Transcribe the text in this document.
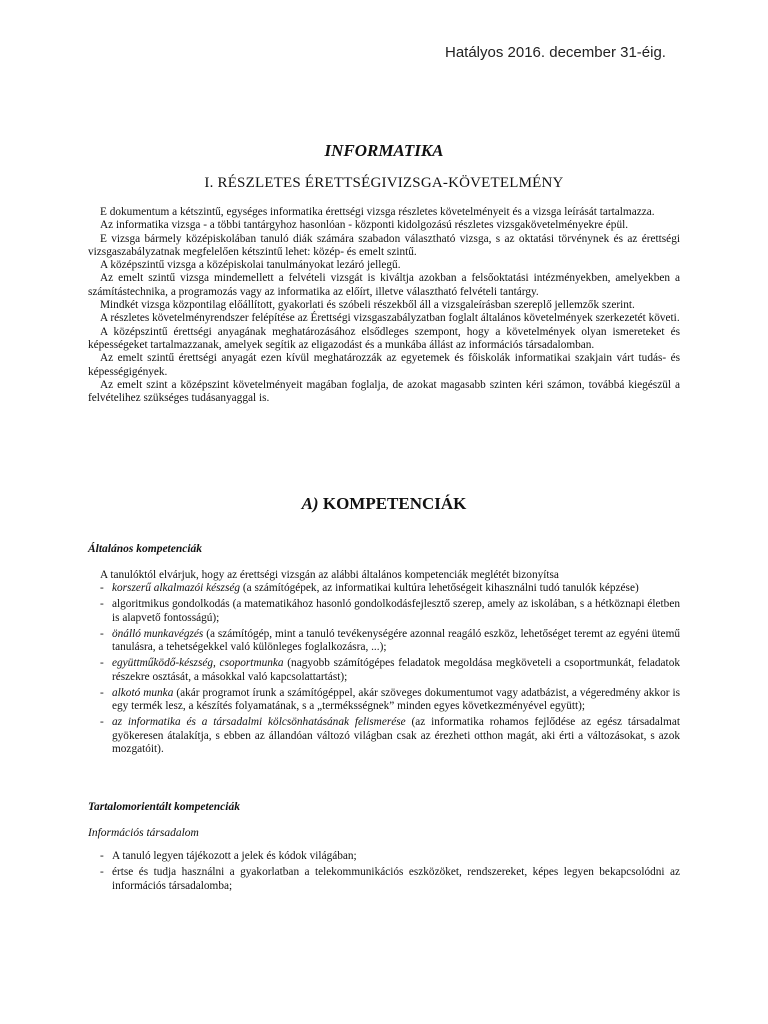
Hatályos 2016. december 31-éig.
INFORMATIKA
I. RÉSZLETES ÉRETTSÉGIVIZSGA-KÖVETELMÉNY

E dokumentum a kétszintű, egységes informatika érettségi vizsga részletes követelményeit és a vizsga leírását tartalmazza.

Az informatika vizsga - a többi tantárgyhoz hasonlóan - központi kidolgozású részletes vizsgakövetelményekre épül.

E vizsga bármely középiskolában tanuló diák számára szabadon választható vizsga, s az oktatási törvénynek és az érettségi vizsgaszabályzatnak megfelelően kétszintű lehet: közép- és emelt szintű.

A középszintű vizsga a középiskolai tanulmányokat lezáró jellegű.

Az emelt szintű vizsga mindemellett a felvételi vizsgát is kiváltja azokban a felsőoktatási intézményekben, amelyekben a számítástechnika, a programozás vagy az informatika az előírt, illetve választható felvételi tantárgy.

Mindkét vizsga központilag előállított, gyakorlati és szóbeli részekből áll a vizsgaleírásban szereplő jellemzők szerint.

A részletes követelményrendszer felépítése az Érettségi vizsgaszabályzatban foglalt általános követelmények szerkezetét követi.

A középszintű érettségi anyagának meghatározásához elsődleges szempont, hogy a követelmények olyan ismereteket és képességeket tartalmazzanak, amelyek segítik az eligazodást és a munkába állást az információs társadalomban.

Az emelt szintű érettségi anyagát ezen kívül meghatározzák az egyetemek és főiskolák informatikai szakjain várt tudás- és képességigények.

Az emelt szint a középszint követelményeit magában foglalja, de azokat magasabb szinten kéri számon, továbbá kiegészül a felvételihez szükséges tudásanyaggal is.

A) KOMPETENCIÁK
Általános kompetenciák
A tanulóktól elvárjuk, hogy az érettségi vizsgán az alábbi általános kompetenciák meglétét bizonyítsa
- korszerű alkalmazói készség (a számítógépek, az informatikai kultúra lehetőségeit kihasználni tudó tanulók képzése)
- algoritmikus gondolkodás (a matematikához hasonló gondolkodásfejlesztő szerep, amely az iskolában, s a hétköznapi életben is alapvető fontosságú);
- önálló munkavégzés (a számítógép, mint a tanuló tevékenységére azonnal reagáló eszköz, lehetőséget teremt az egyéni ütemű tanulásra, a tehetségekkel való különleges foglalkozásra, ...);
- együttműködő-készség, csoportmunka (nagyobb számítógépes feladatok megoldása megköveteli a csoportmunkát, feladatok részekre osztását, a másokkal való kapcsolattartást);
- alkotó munka (akár programot írunk a számítógéppel, akár szöveges dokumentumot vagy adatbázist, a végeredmény akkor is egy termék lesz, a készítés folyamatának, s a „terméksségnek” minden egyes következményével együtt);
- az informatika és a társadalmi kölcsönhatásának felismerése (az informatika rohamos fejlődése az egész társadalmat gyökeresen átalakítja, s ebben az állandóan változó világban csak az érezheti otthon magát, aki érti a változásokat, s azok mozgatóit).
Tartalomorientált kompetenciák
Információs társadalom
- A tanuló legyen tájékozott a jelek és kódok világában;
- értse és tudja használni a gyakorlatban a telekommunikációs eszközöket, rendszereket, képes legyen bekapcsolódni az információs társadalomba;
